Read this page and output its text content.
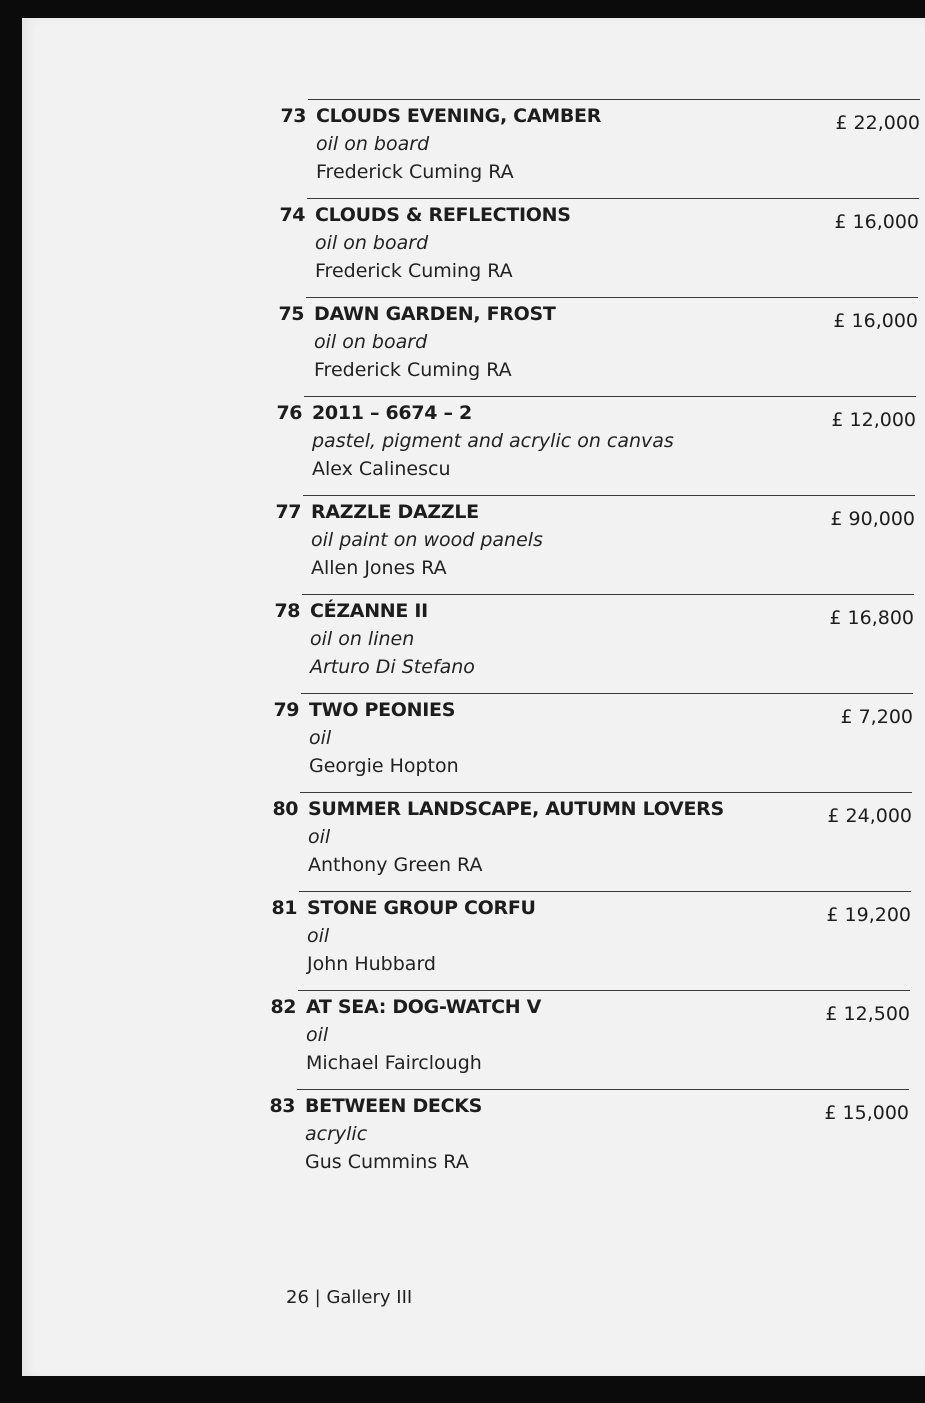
73 CLOUDS EVENING, CAMBER
oil on board
Frederick Cuming RA
£ 22,000
74 CLOUDS & REFLECTIONS
oil on board
Frederick Cuming RA
£ 16,000
75 DAWN GARDEN, FROST
oil on board
Frederick Cuming RA
£ 16,000
76 2011 – 6674 – 2
pastel, pigment and acrylic on canvas
Alex Calinescu
£ 12,000
77 RAZZLE DAZZLE
oil paint on wood panels
Allen Jones RA
£ 90,000
78 CÉZANNE II
oil on linen
Arturo Di Stefano
£ 16,800
79 TWO PEONIES
oil
Georgie Hopton
£ 7,200
80 SUMMER LANDSCAPE, AUTUMN LOVERS
oil
Anthony Green RA
£ 24,000
81 STONE GROUP CORFU
oil
John Hubbard
£ 19,200
82 AT SEA: DOG-WATCH V
oil
Michael Fairclough
£ 12,500
83 BETWEEN DECKS
acrylic
Gus Cummins RA
£ 15,000
26 | Gallery III
